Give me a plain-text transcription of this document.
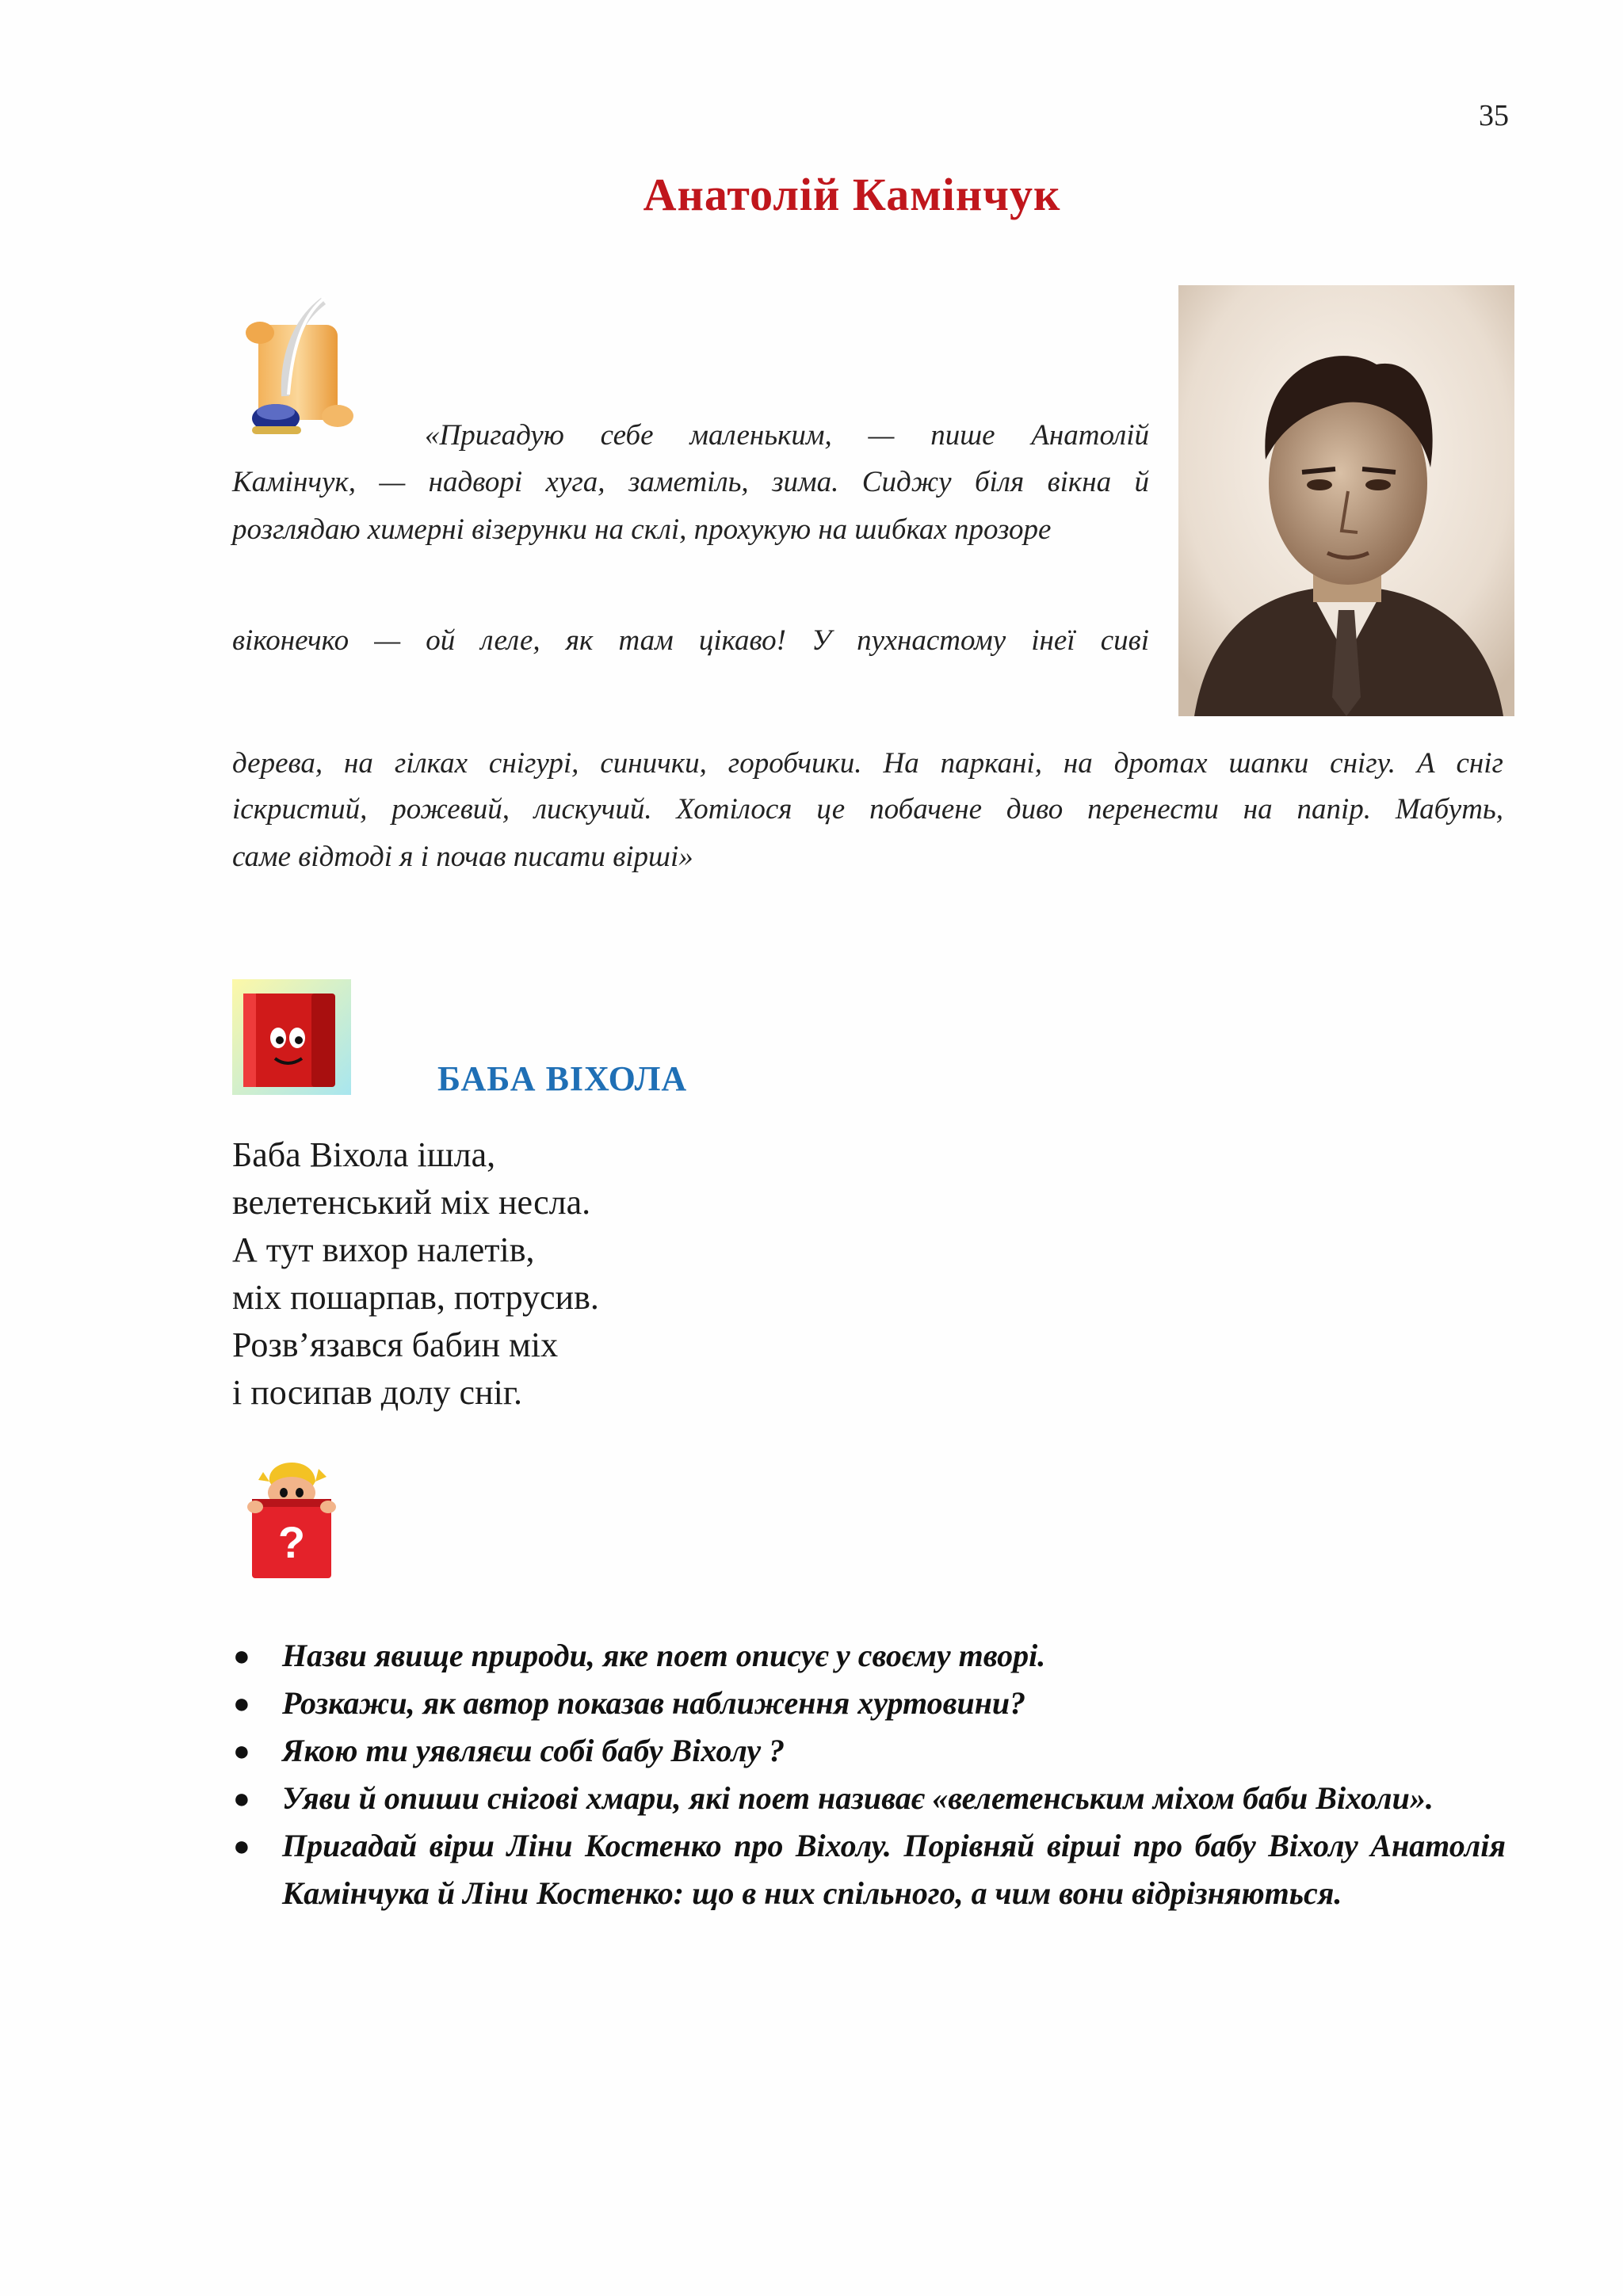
35
Анатолій Камінчук

«Пригадую себе маленьким, — пише Анатолій

Камінчук, — надворі хуга, заметіль, зима. Сиджу біля вікна й

розглядаю химерні візерунки на склі, прохукую на шибках прозоре

віконечко — ой леле, як там цікаво! У пухнастому інеї сиві

дерева, на гілках снігурі, синички, горобчики. На паркані, на дротах шапки снігу. А сніг

іскристий, рожевий, лискучий. Хотілося це побачене диво перенести на папір. Мабуть,

саме відтоді я і почав писати вірші»

БАБА ВІХОЛА
Баба Віхола ішла,
велетенський міх несла.
А тут вихор налетів,
міх пошарпав, потрусив.
Розв’язався бабин міх
і посипав долу сніг.
?
● Назви явище природи, яке поет описує у своєму творі.
● Розкажи, як автор показав наближення хуртовини?
● Якою ти уявляєш собі бабу Віхолу ?
● Уяви й опиши снігові хмари, які поет називає «велетенським міхом баби Віхоли».
● Пригадай вірш Ліни Костенко про Віхолу. Порівняй вірші про бабу Віхолу Анатолія Камінчука й Ліни Костенко: що в них спільного, а чим вони відрізняються.
